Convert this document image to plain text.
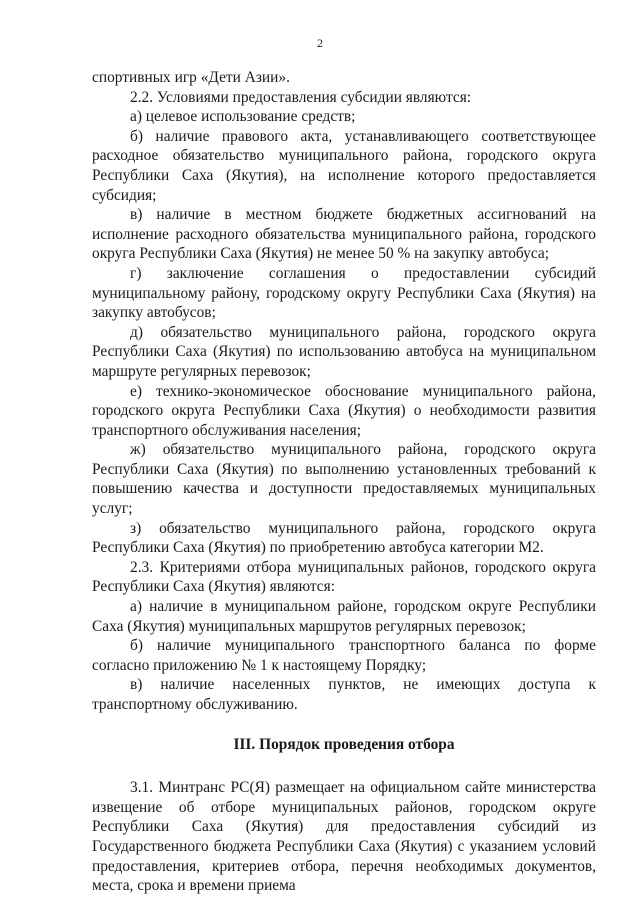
2

спортивных игр «Дети Азии».

2.2. Условиями предоставления субсидии являются:

а) целевое использование средств;

б) наличие правового акта, устанавливающего соответствующее расходное обязательство муниципального района, городского округа Республики Саха (Якутия), на исполнение которого предоставляется субсидия;

в) наличие в местном бюджете бюджетных ассигнований на исполнение расходного обязательства муниципального района, городского округа Республики Саха (Якутия) не менее 50 % на закупку автобуса;

г) заключение соглашения о предоставлении субсидий муниципальному району, городскому округу Республики Саха (Якутия) на закупку автобусов;

д) обязательство муниципального района, городского округа Республики Саха (Якутия) по использованию автобуса на муниципальном маршруте регулярных перевозок;

е) технико-экономическое обоснование муниципального района, городского округа Республики Саха (Якутия) о необходимости развития транспортного обслуживания населения;

ж) обязательство муниципального района, городского округа Республики Саха (Якутия) по выполнению установленных требований к повышению качества и доступности предоставляемых муниципальных услуг;

з) обязательство муниципального района, городского округа Республики Саха (Якутия) по приобретению автобуса категории М2.

2.3. Критериями отбора муниципальных районов, городского округа Республики Саха (Якутия) являются:

а) наличие в муниципальном районе, городском округе Республики Саха (Якутия) муниципальных маршрутов регулярных перевозок;

б) наличие муниципального транспортного баланса по форме согласно приложению № 1 к настоящему Порядку;

в) наличие населенных пунктов, не имеющих доступа к транспортному обслуживанию.

III. Порядок проведения отбора

3.1. Минтранс РС(Я) размещает на официальном сайте министерства извещение об отборе муниципальных районов, городском округе Республики Саха (Якутия) для предоставления субсидий из Государственного бюджета Республики Саха (Якутия) с указанием условий предоставления, критериев отбора, перечня необходимых документов, места, срока и времени приема
